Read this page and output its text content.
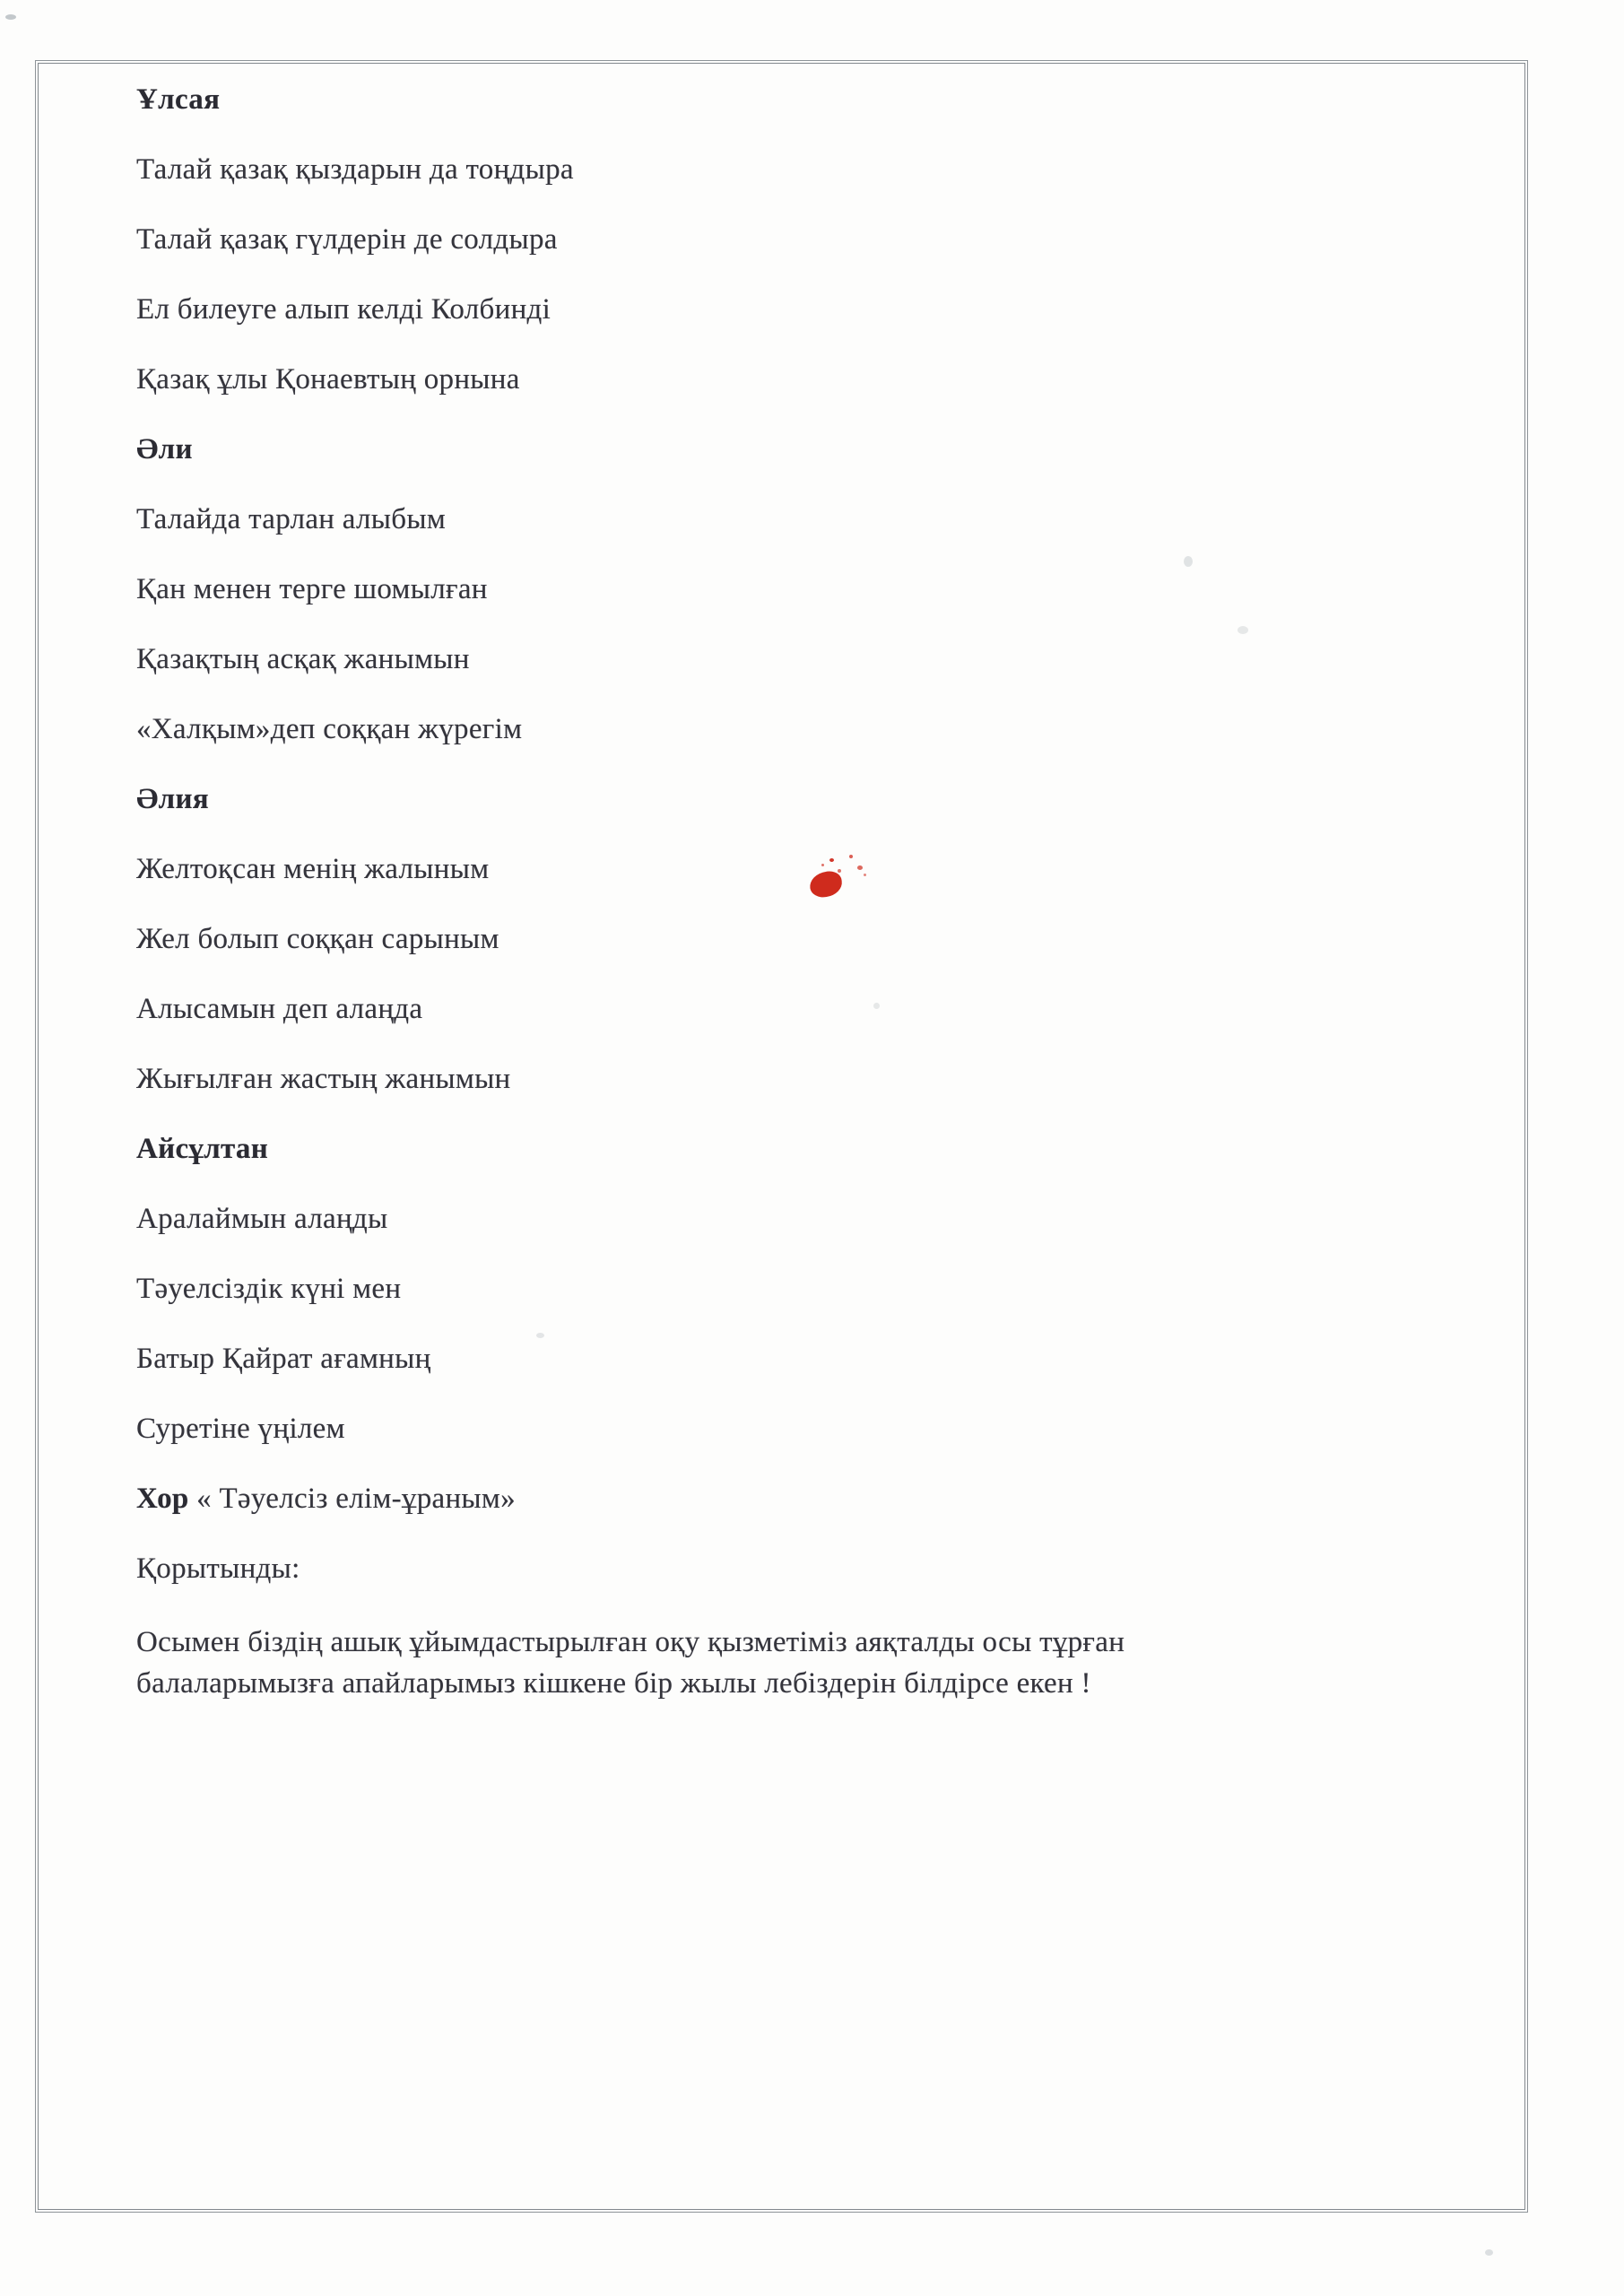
Ұлсая

Талай қазақ қыздарын да тоңдыра

Талай қазақ гүлдерін де солдыра

Ел билеуге алып келді Колбинді

Қазақ ұлы Қонаевтың орнына

Әли

Талайда тарлан алыбым

Қан менен терге шомылған

Қазақтың асқақ жанымын

«Халқым»деп соққан жүрегім

Әлия

Желтоқсан менің жалыным

Жел болып соққан сарыным

Алысамын деп алаңда

Жығылған жастың жанымын

Айсұлтан

Аралаймын алаңды

Тәуелсіздік күні мен

Батыр Қайрат ағамның

Суретіне үңілем

Хор « Тәуелсіз елім-ұраным»

Қорытынды:

Осымен біздің ашық ұйымдастырылған оқу қызметіміз аяқталды осы тұрған балаларымызға апайларымыз кішкене бір жылы лебіздерін білдірсе екен !
